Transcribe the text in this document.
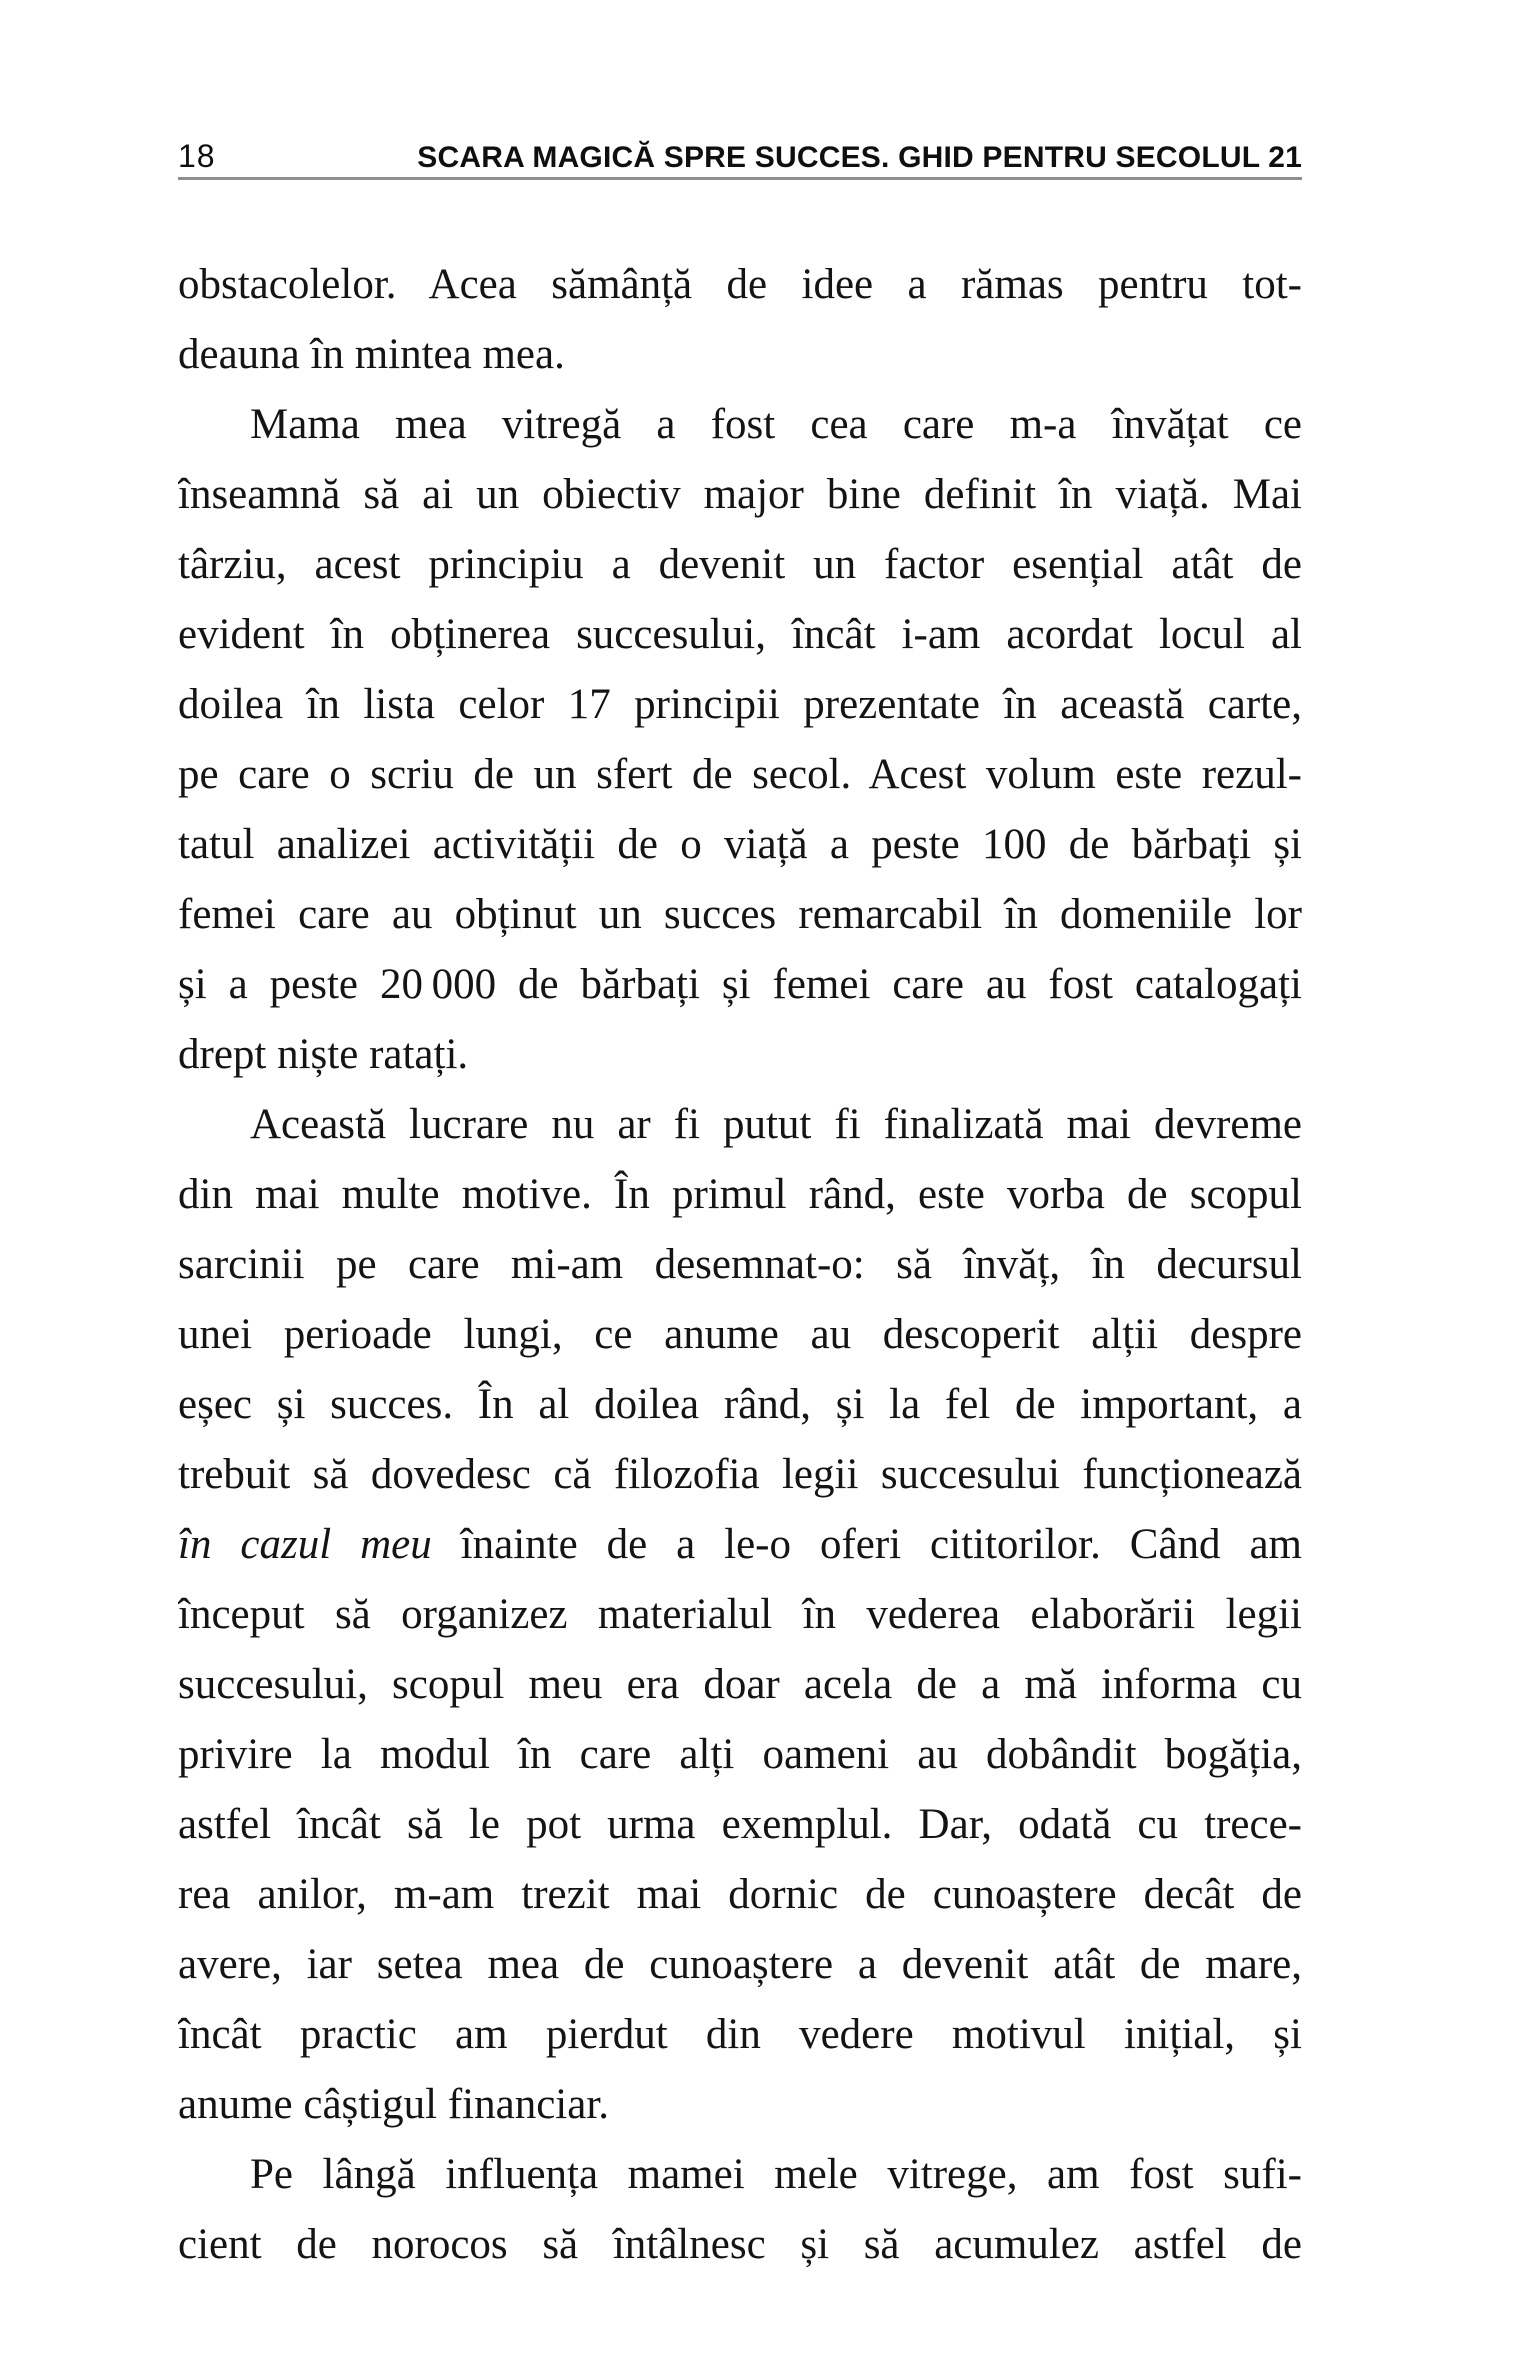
18	SCARA MAGICĂ SPRE SUCCES. GHID PENTRU SECOLUL 21
obstacolelor. Acea sămânță de idee a rămas pentru tot-
deauna în mintea mea.
Mama mea vitregă a fost cea care m-a învățat ce
înseamnă să ai un obiectiv major bine definit în viață. Mai
târziu, acest principiu a devenit un factor esențial atât de
evident în obținerea succesului, încât i-am acordat locul al
doilea în lista celor 17 principii prezentate în această carte,
pe care o scriu de un sfert de secol. Acest volum este rezul-
tatul analizei activității de o viață a peste 100 de bărbați și
femei care au obținut un succes remarcabil în domeniile lor
și a peste 20 000 de bărbați și femei care au fost catalogați
drept niște ratați.
Această lucrare nu ar fi putut fi finalizată mai devreme
din mai multe motive. În primul rând, este vorba de scopul
sarcinii pe care mi-am desemnat-o: să învăț, în decursul
unei perioade lungi, ce anume au descoperit alții despre
eșec și succes. În al doilea rând, și la fel de important, a
trebuit să dovedesc că filozofia legii succesului funcționează
în cazul meu înainte de a le-o oferi cititorilor. Când am
început să organizez materialul în vederea elaborării legii
succesului, scopul meu era doar acela de a mă informa cu
privire la modul în care alți oameni au dobândit bogăția,
astfel încât să le pot urma exemplul. Dar, odată cu trece-
rea anilor, m-am trezit mai dornic de cunoaștere decât de
avere, iar setea mea de cunoaștere a devenit atât de mare,
încât practic am pierdut din vedere motivul inițial, și
anume câștigul financiar.
Pe lângă influența mamei mele vitrege, am fost sufi-
cient de norocos să întâlnesc și să acumulez astfel de
